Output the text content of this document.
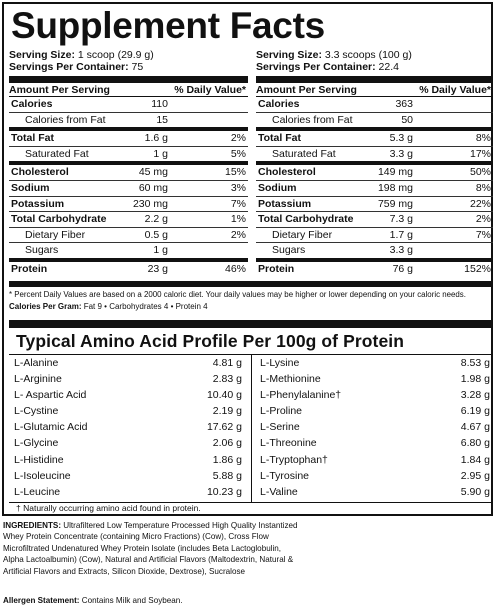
Supplement Facts
Serving Size: 1 scoop (29.9 g)
Servings Per Container: 75
Amount Per Serving	% Daily Value*
Calories	110
Calories from Fat	15
Total Fat	1.6 g	2%
Saturated Fat	1 g	5%
Cholesterol	45 mg	15%
Sodium	60 mg	3%
Potassium	230 mg	7%
Total Carbohydrate	2.2 g	1%
Dietary Fiber	0.5 g	2%
Sugars	1 g
Protein	23 g	46%
Serving Size: 3.3 scoops (100 g)
Servings Per Container: 22.4
Amount Per Serving	% Daily Value*
Calories	363
Calories from Fat	50
Total Fat	5.3 g	8%
Saturated Fat	3.3 g	17%
Cholesterol	149 mg	50%
Sodium	198 mg	8%
Potassium	759 mg	22%
Total Carbohydrate	7.3 g	2%
Dietary Fiber	1.7 g	7%
Sugars	3.3 g
Protein	76 g	152%
* Percent Daily Values are based on a 2000 caloric diet. Your daily values may be higher or lower depending on your caloric needs.
Calories Per Gram: Fat 9 • Carbohydrates 4 • Protein 4
Typical Amino Acid Profile Per 100g of Protein
L-Alanine	4.81 g
L-Arginine	2.83 g
L- Aspartic Acid	10.40 g
L-Cystine	2.19 g
L-Glutamic Acid	17.62 g
L-Glycine	2.06 g
L-Histidine	1.86 g
L-Isoleucine	5.88 g
L-Leucine	10.23 g
L-Lysine	8.53 g
L-Methionine	1.98 g
L-Phenylalanine†	3.28 g
L-Proline	6.19 g
L-Serine	4.67 g
L-Threonine	6.80 g
L-Tryptophan†	1.84 g
L-Tyrosine	2.95 g
L-Valine	5.90 g
† Naturally occurring amino acid found in protein.
INGREDIENTS: Ultrafiltered Low Temperature Processed High Quality Instantized Whey Protein Concentrate (containing Micro Fractions) (Cow), Cross Flow Microfiltrated Undenatured Whey Protein Isolate (includes Beta Lactoglobulin, Alpha Lactoalbumin) (Cow), Natural and Artificial Flavors (Maltodextrin, Natural & Artificial Flavors and Extracts, Silicon Dioxide, Dextrose), Sucralose
Allergen Statement: Contains Milk and Soybean.
